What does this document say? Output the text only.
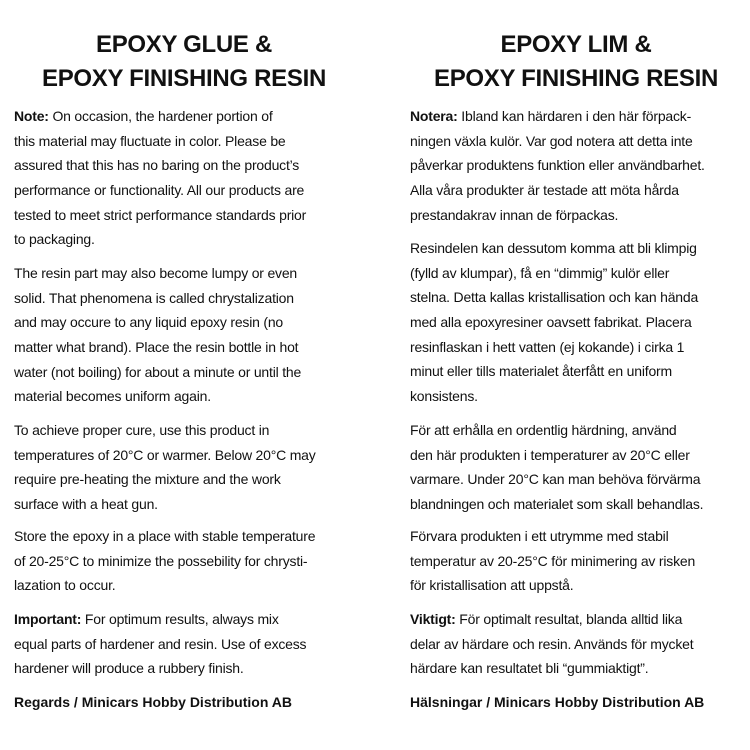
EPOXY GLUE &
EPOXY FINISHING RESIN
Note: On occasion, the hardener portion of
this material may fluctuate in color. Please be
assured that this has no baring on the product’s
performance or functionality. All our products are
tested to meet strict performance standards prior
to packaging.
The resin part may also become lumpy or even
solid. That phenomena is called chrystalization
and may occure to any liquid epoxy resin (no
matter what brand). Place the resin bottle in hot
water (not boiling) for about a minute or until the
material becomes uniform again.
To achieve proper cure, use this product in
temperatures of 20°C or warmer. Below 20°C may
require pre-heating the mixture and the work
surface with a heat gun.
Store the epoxy in a place with stable temperature
of 20-25°C to minimize the possebility for chrysti-
lazation to occur.
Important: For optimum results, always mix
equal parts of hardener and resin. Use of excess
hardener will produce a rubbery finish.
Regards / Minicars Hobby Distribution AB
EPOXY LIM &
EPOXY FINISHING RESIN
Notera: Ibland kan härdaren i den här förpack-
ningen växla kulör. Var god notera att detta inte
påverkar produktens funktion eller användbarhet.
Alla våra produkter är testade att möta hårda
prestandakrav innan de förpackas.
Resindelen kan dessutom komma att bli klimpig
(fylld av klumpar), få en “dimmig” kulör eller
stelna. Detta kallas kristallisation och kan hända
med alla epoxyresiner oavsett fabrikat. Placera
resinflaskan i hett vatten (ej kokande) i cirka 1
minut eller tills materialet återfått en uniform
konsistens.
För att erhålla en ordentlig härdning, använd
den här produkten i temperaturer av 20°C eller
varmare. Under 20°C kan man behöva förvärma
blandningen och materialet som skall behandlas.
Förvara produkten i ett utrymme med stabil
temperatur av 20-25°C för minimering av risken
för kristallisation att uppstå.
Viktigt: För optimalt resultat, blanda alltid lika
delar av härdare och resin. Används för mycket
härdare kan resultatet bli “gummiaktigt”.
Hälsningar / Minicars Hobby Distribution AB
